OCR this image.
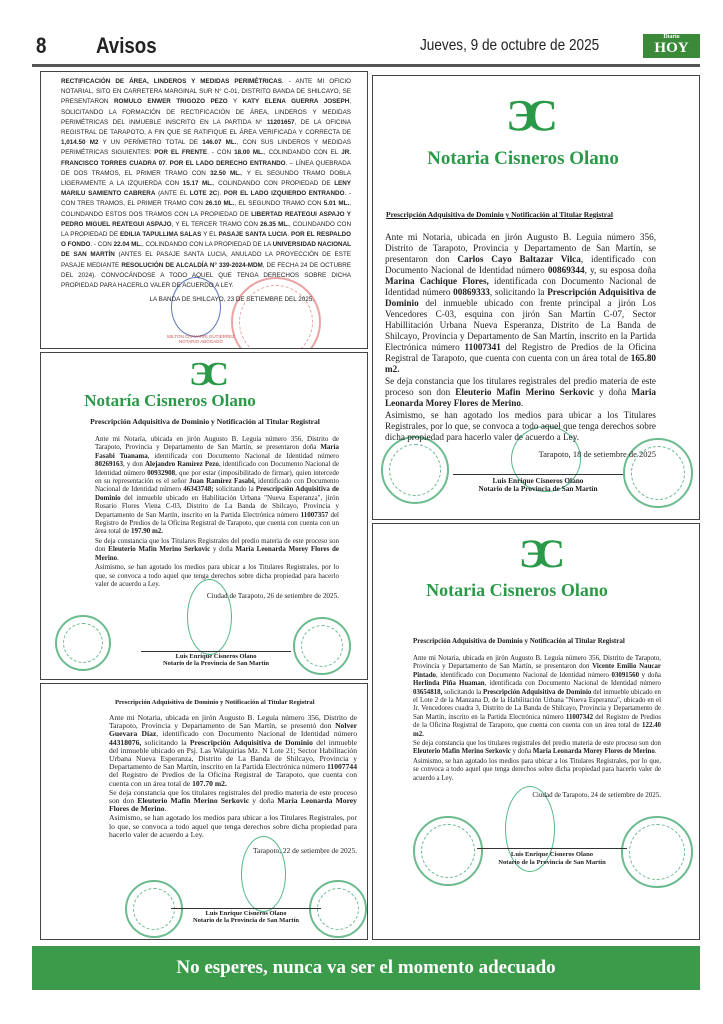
8 Avisos	Jueves, 9 de octubre de 2025	Diario
HOY

RECTIFICACIÓN DE ÁREA, LINDEROS Y MEDIDAS PERIMÉTRICAS. - ANTE MI OFICIO NOTARIAL, SITO EN CARRETERA MARGINAL SUR N° C-01, DISTRITO BANDA DE SHILCAYO, SE PRESENTARON ROMULO ENWER TRIGOZO PEZO Y KATY ELENA GUERRA JOSEPH, SOLICITANDO LA FORMACIÓN DE RECTIFICACIÓN DE ÁREA, LINDEROS Y MEDIDAS PERIMÉTRICAS DEL INMUEBLE INSCRITO EN LA PARTIDA N° 11201657, DE LA OFICINA REGISTRAL DE TARAPOTO, A FIN QUE SE RATIFIQUE EL ÁREA VERIFICADA Y CORRECTA DE 1,014.50 M2 Y UN PERÍMETRO TOTAL DE 146.07 ML., CON SUS LINDEROS Y MEDIDAS PERIMÉTRICAS SIGUIENTES: POR EL FRENTE. - CON 18.00 ML., COLINDANDO CON EL JR. FRANCISCO TORRES CUADRA 07. POR EL LADO DERECHO ENTRANDO. – LÍNEA QUEBRADA DE DOS TRAMOS, EL PRIMER TRAMO CON 32.50 ML., Y EL SEGUNDO TRAMO DOBLA LIGERAMENTE A LA IZQUIERDA CON 15.17 ML., COLINDANDO CON PROPIEDAD DE LENY MARILU SAMIENTO CABRERA (ANTE EL LOTE 2C). POR EL LADO IZQUIERDO ENTRANDO. - CON TRES TRAMOS, EL PRIMER TRAMO CON 26.10 ML., EL SEGUNDO TRAMO CON 5.01 ML., COLINDANDO ESTOS DOS TRAMOS CON LA PROPIEDAD DE LIBERTAD REATEGUI ASPAJO Y PEDRO MIGUEL REATEGUI ASPAJO, Y EL TERCER TRAMO CON 26.35 ML., COLINDANDO CON LA PROPIEDAD DE EDILIA TAPULLIMA SALAS Y EL PASAJE SANTA LUCIA. POR EL RESPALDO O FONDO. - CON 22.04 ML., COLINDANDO CON LA PROPIEDAD DE LA UNIVERSIDAD NACIONAL DE SAN MARTÍN (ANTES EL PASAJE SANTA LUCIA, ANULADO LA PROYECCIÓN DE ESTE PASAJE MEDIANTE RESOLUCIÓN DE ALCALDÍA N° 339-2024-MDM, DE FECHA 24 DE OCTUBRE DEL 2024). CONVOCÁNDOSE A TODO AQUEL QUE TENGA DERECHOS SOBRE DICHA PROPIEDAD PARA HACERLO VALER DE ACUERDO A LEY.

LA BANDA DE SHILCAYO, 23 DE SETIEMBRE DEL 2025.
MILTON CHAVARRI GUTIERREZ
NOTARIO ABOGADO
ЭC
Notaría Cisneros Olano
Prescripción Adquisitiva de Dominio y Notificación al Titular Registral

Ante mi Notaría, ubicada en jirón Augusto B. Leguía número 356, Distrito de Tarapoto, Provincia y Departamento de San Martín, se presentaron doña María Fasabi Tuanama, identificada con Documento Nacional de Identidad número 80269163, y don Alejandro Ramírez Pezo, identificado con Documento Nacional de Identidad número 00932908, que por estar (imposibilitado de firmar), quien intercede en su representación es el señor Juan Ramírez Fasabi, identificado con Documento Nacional de Identidad número 46343748; solicitando la Prescripción Adquisitiva de Dominio del inmueble ubicado en Habilitación Urbana "Nueva Esperanza", jirón Rosario Flores Viena C-03, Distrito de La Banda de Shilcayo, Provincia y Departamento de San Martín, inscrito en la Partida Electrónica número 11007357 del Registro de Predios de la Oficina Registral de Tarapoto, que cuenta con cuenta con un área total de 197.90 m2.

Se deja constancia que los Titulares Registrales del predio materia de este proceso son don Eleuterio Mafin Merino Serkovic y doña María Leonarda Morey Flores de Merino.

Asimismo, se han agotado los medios para ubicar a los Titulares Registrales, por lo que, se convoca a todo aquel que tenga derechos sobre dicha propiedad para hacerlo valer de acuerdo a Ley.

Ciudad de Tarapoto, 26 de setiembre de 2025.
Luis Enrique Cisneros Olano
Notario de la Provincia de San Martín
Prescripción Adquisitiva de Dominio y Notificación al Titular Registral

Ante mi Notaria, ubicada en jirón Augusto B. Leguía número 356, Distrito de Tarapoto, Provincia y Departamento de San Martín, se presentó don Nolver Guevara Díaz, identificado con Documento Nacional de Identidad número 44318076, solicitando la Prescripción Adquisitiva de Dominio del inmueble del inmueble ubicado en Psj. Las Walquirias Mz. N Lote 21; Sector Habilitación Urbana Nueva Esperanza, Distrito de La Banda de Shilcayo, Provincia y Departamento de San Martín, inscrito en la Partida Electrónica número 11007744 del Registro de Predios de la Oficina Registral de Tarapoto, que cuenta con cuenta con un área total de 107.70 m2.

Se deja constancia que los titulares registrales del predio materia de este proceso son don Eleuterio Mafin Merino Serkovic y doña María Leonarda Morey Flores de Merino.

Asimismo, se han agotado los medios para ubicar a los Titulares Registrales, por lo que, se convoca a todo aquel que tenga derechos sobre dicha propiedad para hacerlo valer de acuerdo a Ley.

Tarapoto, 22 de setiembre de 2025.
Luis Enrique Cisneros Olano
Notario de la Provincia de San Martín
ЭC
Notaria Cisneros Olano
Prescripción Adquisitiva de Dominio y Notificación al Titular Registral

Ante mi Notaria, ubicada en jirón Augusto B. Leguia número 356, Distrito de Tarapoto, Provincia y Departamento de San Martín, se presentaron don Carlos Cayo Baltazar Vilca, identificado con Documento Nacional de Identidad número 00869344, y, su esposa doña Marina Cachique Flores, identificada con Documento Nacional de Identidad número 00869333, solicitando la Prescripción Adquisitiva de Dominio del inmueble ubicado con frente principal a jirón Los Vencedores C-03, esquina con jirón San Martín C-07, Sector Habillitación Urbana Nueva Esperanza, Distrito de La Banda de Shilcayo, Provincia y Departamento de San Martín, inscrito en la Partida Electrónica número 11007341 del Registro de Predios de la Oficina Registral de Tarapoto, que cuenta con cuenta con un área total de 165.80 m2.

Se deja constancia que los titulares registrales del predio materia de este proceso son don Eleuterio Mafin Merino Serkovic y doña Maria Leonarda Morey Flores de Merino.

Asimismo, se han agotado los medios para ubicar a los Titulares Registrales, por lo que, se convoca a todo aquel que tenga derechos sobre dicha propiedad para hacerlo valer de acuerdo a Ley.

Tarapoto, 18 de setiembre de 2025
Luis Enrique Cisneros Olano
Notario de la Provincia de San Martín
ЭC
Notaria Cisneros Olano
Prescripción Adquisitiva de Dominio y Notificación al Titular Registral

Ante mi Notaria, ubicada en jirón Augusto B. Leguía número 356, Distrito de Tarapoto, Provincia y Departamento de San Martín, se presentaron don Vicente Emilio Naucar Pintado, identificado con Documento Nacional de Identidad número 03091560 y doña Herlinda Piña Huaman, identificada con Documento Nacional de Identidad número 03654818, solicitando la Prescripción Adquisitiva de Dominio del inmueble ubicado en el Lote 2 de la Manzana D, de la Habilitación Urbana "Nueva Esperanza", ubicado en el Jr. Vencedores cuadra 3, Distrito de La Banda de Shilcayo, Provincia y Departamento de San Martín, inscrito en la Partida Electrónica número 11007342 del Registro de Predios de la Oficina Registral de Tarapoto, que cuenta con cuenta con un área total de 122.40 m2.

Se deja constancia que los titulares registrales del predio materia de este proceso son don Eleuterio Mafin Merino Serkovic y doña Maria Leonarda Morey Flores de Merino.

Asimismo, se han agotado los medios para ubicar a los Titulares Registrales, por lo que, se convoca a todo aquel que tenga derechos sobre dicha propiedad para hacerlo valer de acuerdo a Ley.

Ciudad de Tarapoto, 24 de setiembre de 2025.
Luis Enrique Cisneros Olano
Notario de la Provincia de San Martín
No esperes, nunca va ser el momento adecuado
